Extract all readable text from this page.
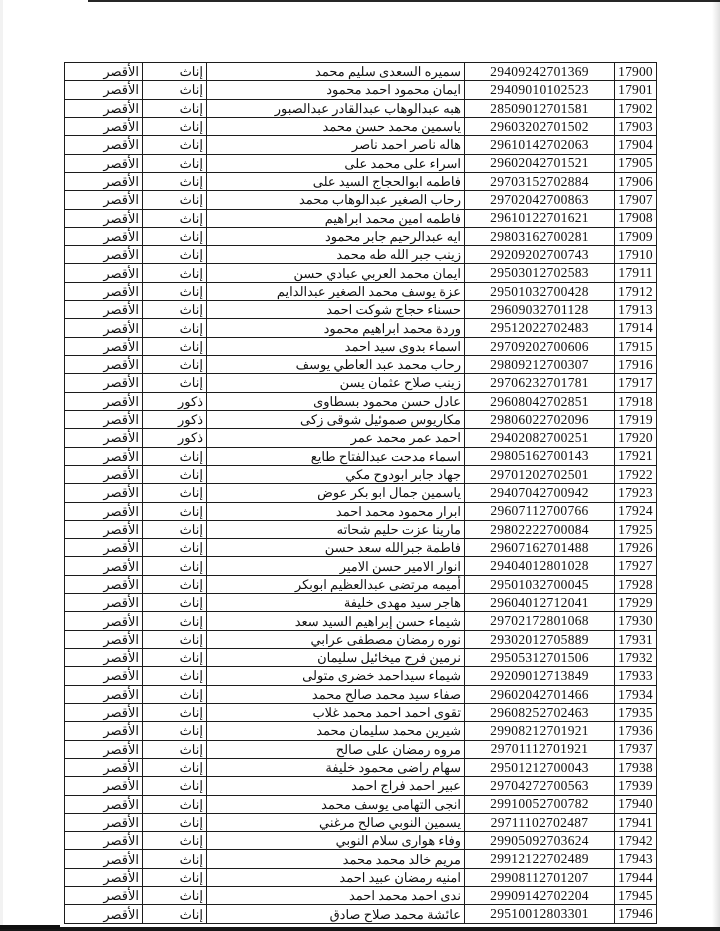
17900	29409242701369	سميره السعدى سليم محمد	إناث	الأقصر
17901	29409010102523	ايمان محمود احمد محمود	إناث	الأقصر
17902	28509012701581	هبه عبدالوهاب عبدالقادر عبدالصبور	إناث	الأقصر
17903	29603202701502	ياسمين محمد حسن محمد	إناث	الأقصر
17904	29610142702063	هاله ناصر احمد ناصر	إناث	الأقصر
17905	29602042701521	اسراء على محمد على	إناث	الأقصر
17906	29703152702884	فاطمه ابوالحجاج السيد على	إناث	الأقصر
17907	29702042700863	رحاب الصغير عبدالوهاب محمد	إناث	الأقصر
17908	29610122701621	فاطمه امين محمد ابراهيم	إناث	الأقصر
17909	29803162700281	ايه عبدالرحيم جابر محمود	إناث	الأقصر
17910	29209202700743	زينب جبر الله طه محمد	إناث	الأقصر
17911	29503012702583	ايمان محمد العربي عبادي حسن	إناث	الأقصر
17912	29501032700428	عزة يوسف محمد الصغير عبدالدايم	إناث	الأقصر
17913	29609032701128	حسناء حجاج شوكت احمد	إناث	الأقصر
17914	29512022702483	وردة محمد ابراهيم محمود	إناث	الأقصر
17915	29709202700606	اسماء بدوى سيد احمد	إناث	الأقصر
17916	29809212700307	رحاب محمد عبد العاطي يوسف	إناث	الأقصر
17917	29706232701781	زينب صلاح عثمان يسن	إناث	الأقصر
17918	29608042702851	عادل حسن محمود بسطاوى	ذكور	الأقصر
17919	29806022702096	مكاريوس صموئيل شوقى زكى	ذكور	الأقصر
17920	29402082700251	احمد عمر محمد عمر	ذكور	الأقصر
17921	29805162700143	اسماء مدحت عبدالفتاح طايع	إناث	الأقصر
17922	29701202702501	جهاد جابر ابودوح مكي	إناث	الأقصر
17923	29407042700942	ياسمين جمال ابو بكر عوض	إناث	الأقصر
17924	29607112700766	ابرار محمود محمد احمد	إناث	الأقصر
17925	29802222700084	مارينا عزت حليم شحاته	إناث	الأقصر
17926	29607162701488	فاطمة جبرالله سعد حسن	إناث	الأقصر
17927	29404012801028	انوار الامير حسن الامير	إناث	الأقصر
17928	29501032700045	أميمه مرتضى عبدالعظيم ابوبكر	إناث	الأقصر
17929	29604012712041	هاجر سيد مهدى خليفة	إناث	الأقصر
17930	29702172801068	شيماء حسن إبراهيم السيد سعد	إناث	الأقصر
17931	29302012705889	نوره رمضان مصطفى عرابي	إناث	الأقصر
17932	29505312701506	نرمين فرح ميخائيل سليمان	إناث	الأقصر
17933	29209012713849	شيماء سيداحمد خضرى متولى	إناث	الأقصر
17934	29602042701466	صفاء سيد محمد صالح محمد	إناث	الأقصر
17935	29608252702463	تقوى احمد احمد محمد غلاب	إناث	الأقصر
17936	29908212701921	شيرين محمد سليمان محمد	إناث	الأقصر
17937	29701112701921	مروه رمضان على صالح	إناث	الأقصر
17938	29501212700043	سهام راضى محمود خليفة	إناث	الأقصر
17939	29704272700563	عبير احمد فراج احمد	إناث	الأقصر
17940	29910052700782	انجى التهامى يوسف محمد	إناث	الأقصر
17941	29711102702487	يسمين النوبي صالح مرغني	إناث	الأقصر
17942	29905092703624	وفاء هوارى سلام النوبي	إناث	الأقصر
17943	29912122702489	مريم خالد محمد محمد	إناث	الأقصر
17944	29908112701207	امنيه رمضان عبيد احمد	إناث	الأقصر
17945	29909142702204	ندى احمد محمد احمد	إناث	الأقصر
17946	29510012803301	عائشة محمد صلاح صادق	إناث	الأقصر
